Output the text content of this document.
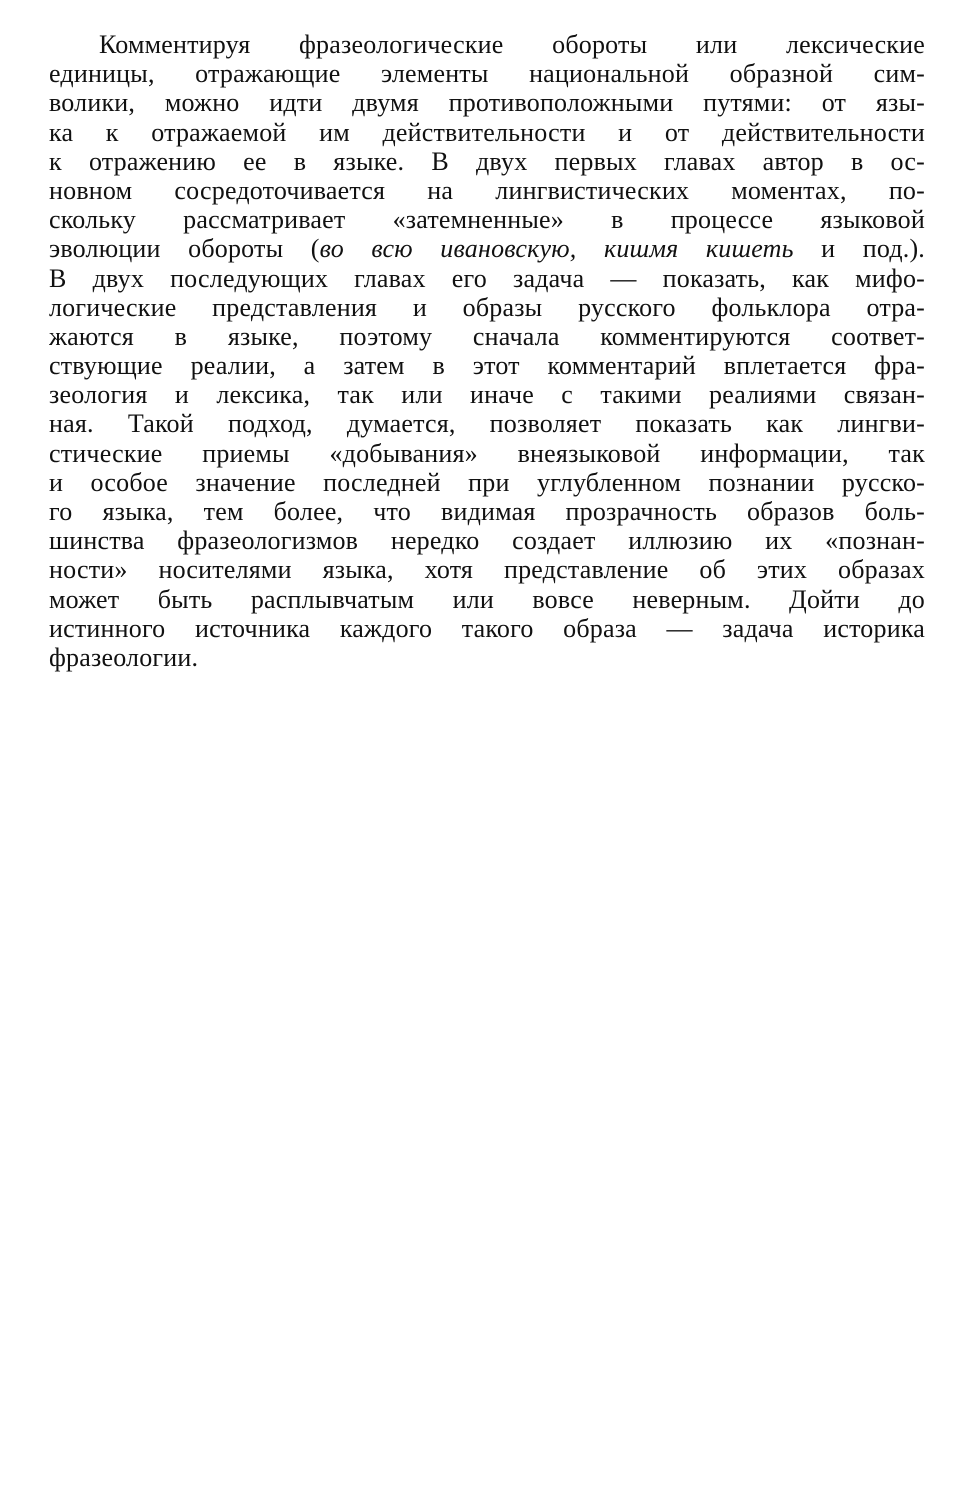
Комментируя фразеологические обороты или лексические
единицы, отражающие элементы национальной образной сим-
волики, можно идти двумя противоположными путями: от язы-
ка к отражаемой им действительности и от действительности
к отражению ее в языке. В двух первых главах автор в ос-
новном сосредоточивается на лингвистических моментах, по-
скольку рассматривает «затемненные» в процессе языковой
эволюции обороты (во всю ивановскую, кишмя кишеть и под.).
В двух последующих главах его задача — показать, как мифо-
логические представления и образы русского фольклора отра-
жаются в языке, поэтому сначала комментируются соответ-
ствующие реалии, а затем в этот комментарий вплетается фра-
зеология и лексика, так или иначе с такими реалиями связан-
ная. Такой подход, думается, позволяет показать как лингви-
стические приемы «добывания» внеязыковой информации, так
и особое значение последней при углубленном познании русско-
го языка, тем более, что видимая прозрачность образов боль-
шинства фразеологизмов нередко создает иллюзию их «познан-
ности» носителями языка, хотя представление об этих образах
может быть расплывчатым или вовсе неверным. Дойти до
истинного источника каждого такого образа — задача историка
фразеологии.
